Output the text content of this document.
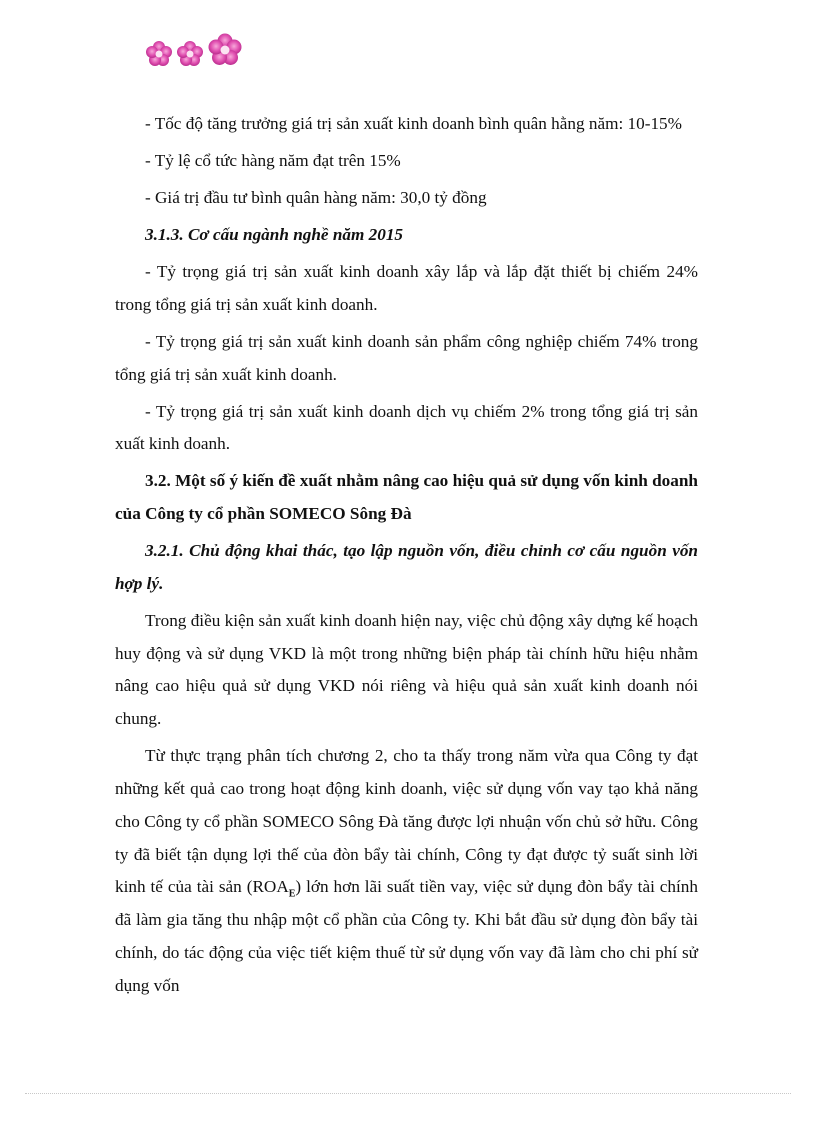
- Tốc độ tăng trưởng giá trị sản xuất kinh doanh bình quân hằng năm: 10-15%

- Tỷ lệ cổ tức hàng năm đạt trên 15%

- Giá trị đầu tư bình quân hàng năm: 30,0 tỷ đồng

3.1.3. Cơ cấu ngành nghề năm 2015

- Tỷ trọng giá trị sản xuất kinh doanh xây lắp và lắp đặt thiết bị chiếm 24% trong tổng giá trị sản xuất kinh doanh.

- Tỷ trọng giá trị sản xuất kinh doanh sản phẩm công nghiệp chiếm 74% trong tổng giá trị sản xuất kinh doanh.

- Tỷ trọng giá trị sản xuất kinh doanh dịch vụ chiếm 2% trong tổng giá trị sản xuất kinh doanh.

3.2. Một số ý kiến đề xuất nhằm nâng cao hiệu quả sử dụng vốn kinh doanh của Công ty cổ phần SOMECO Sông Đà

3.2.1. Chủ động khai thác, tạo lập nguồn vốn, điều chỉnh cơ cấu nguồn vốn hợp lý.

Trong điều kiện sản xuất kinh doanh hiện nay, việc chủ động xây dựng kế hoạch huy động và sử dụng VKD là một trong những biện pháp tài chính hữu hiệu nhằm nâng cao hiệu quả sử dụng VKD nói riêng và hiệu quả sản xuất kinh doanh nói chung.

Từ thực trạng phân tích chương 2, cho ta thấy trong năm vừa qua Công ty đạt những kết quả cao trong hoạt động kinh doanh, việc sử dụng vốn vay tạo khả năng cho Công ty cổ phần SOMECO Sông Đà tăng được lợi nhuận vốn chủ sở hữu. Công ty đã biết tận dụng lợi thế của đòn bẩy tài chính, Công ty đạt được tỷ suất sinh lời kinh tế của tài sản $(ROA_E)$ lớn hơn lãi suất tiền vay, việc sử dụng đòn bẩy tài chính đã làm gia tăng thu nhập một cổ phần của Công ty. Khi bắt đầu sử dụng đòn bẩy tài chính, do tác động của việc tiết kiệm thuế từ sử dụng vốn vay đã làm cho chi phí sử dụng vốn
